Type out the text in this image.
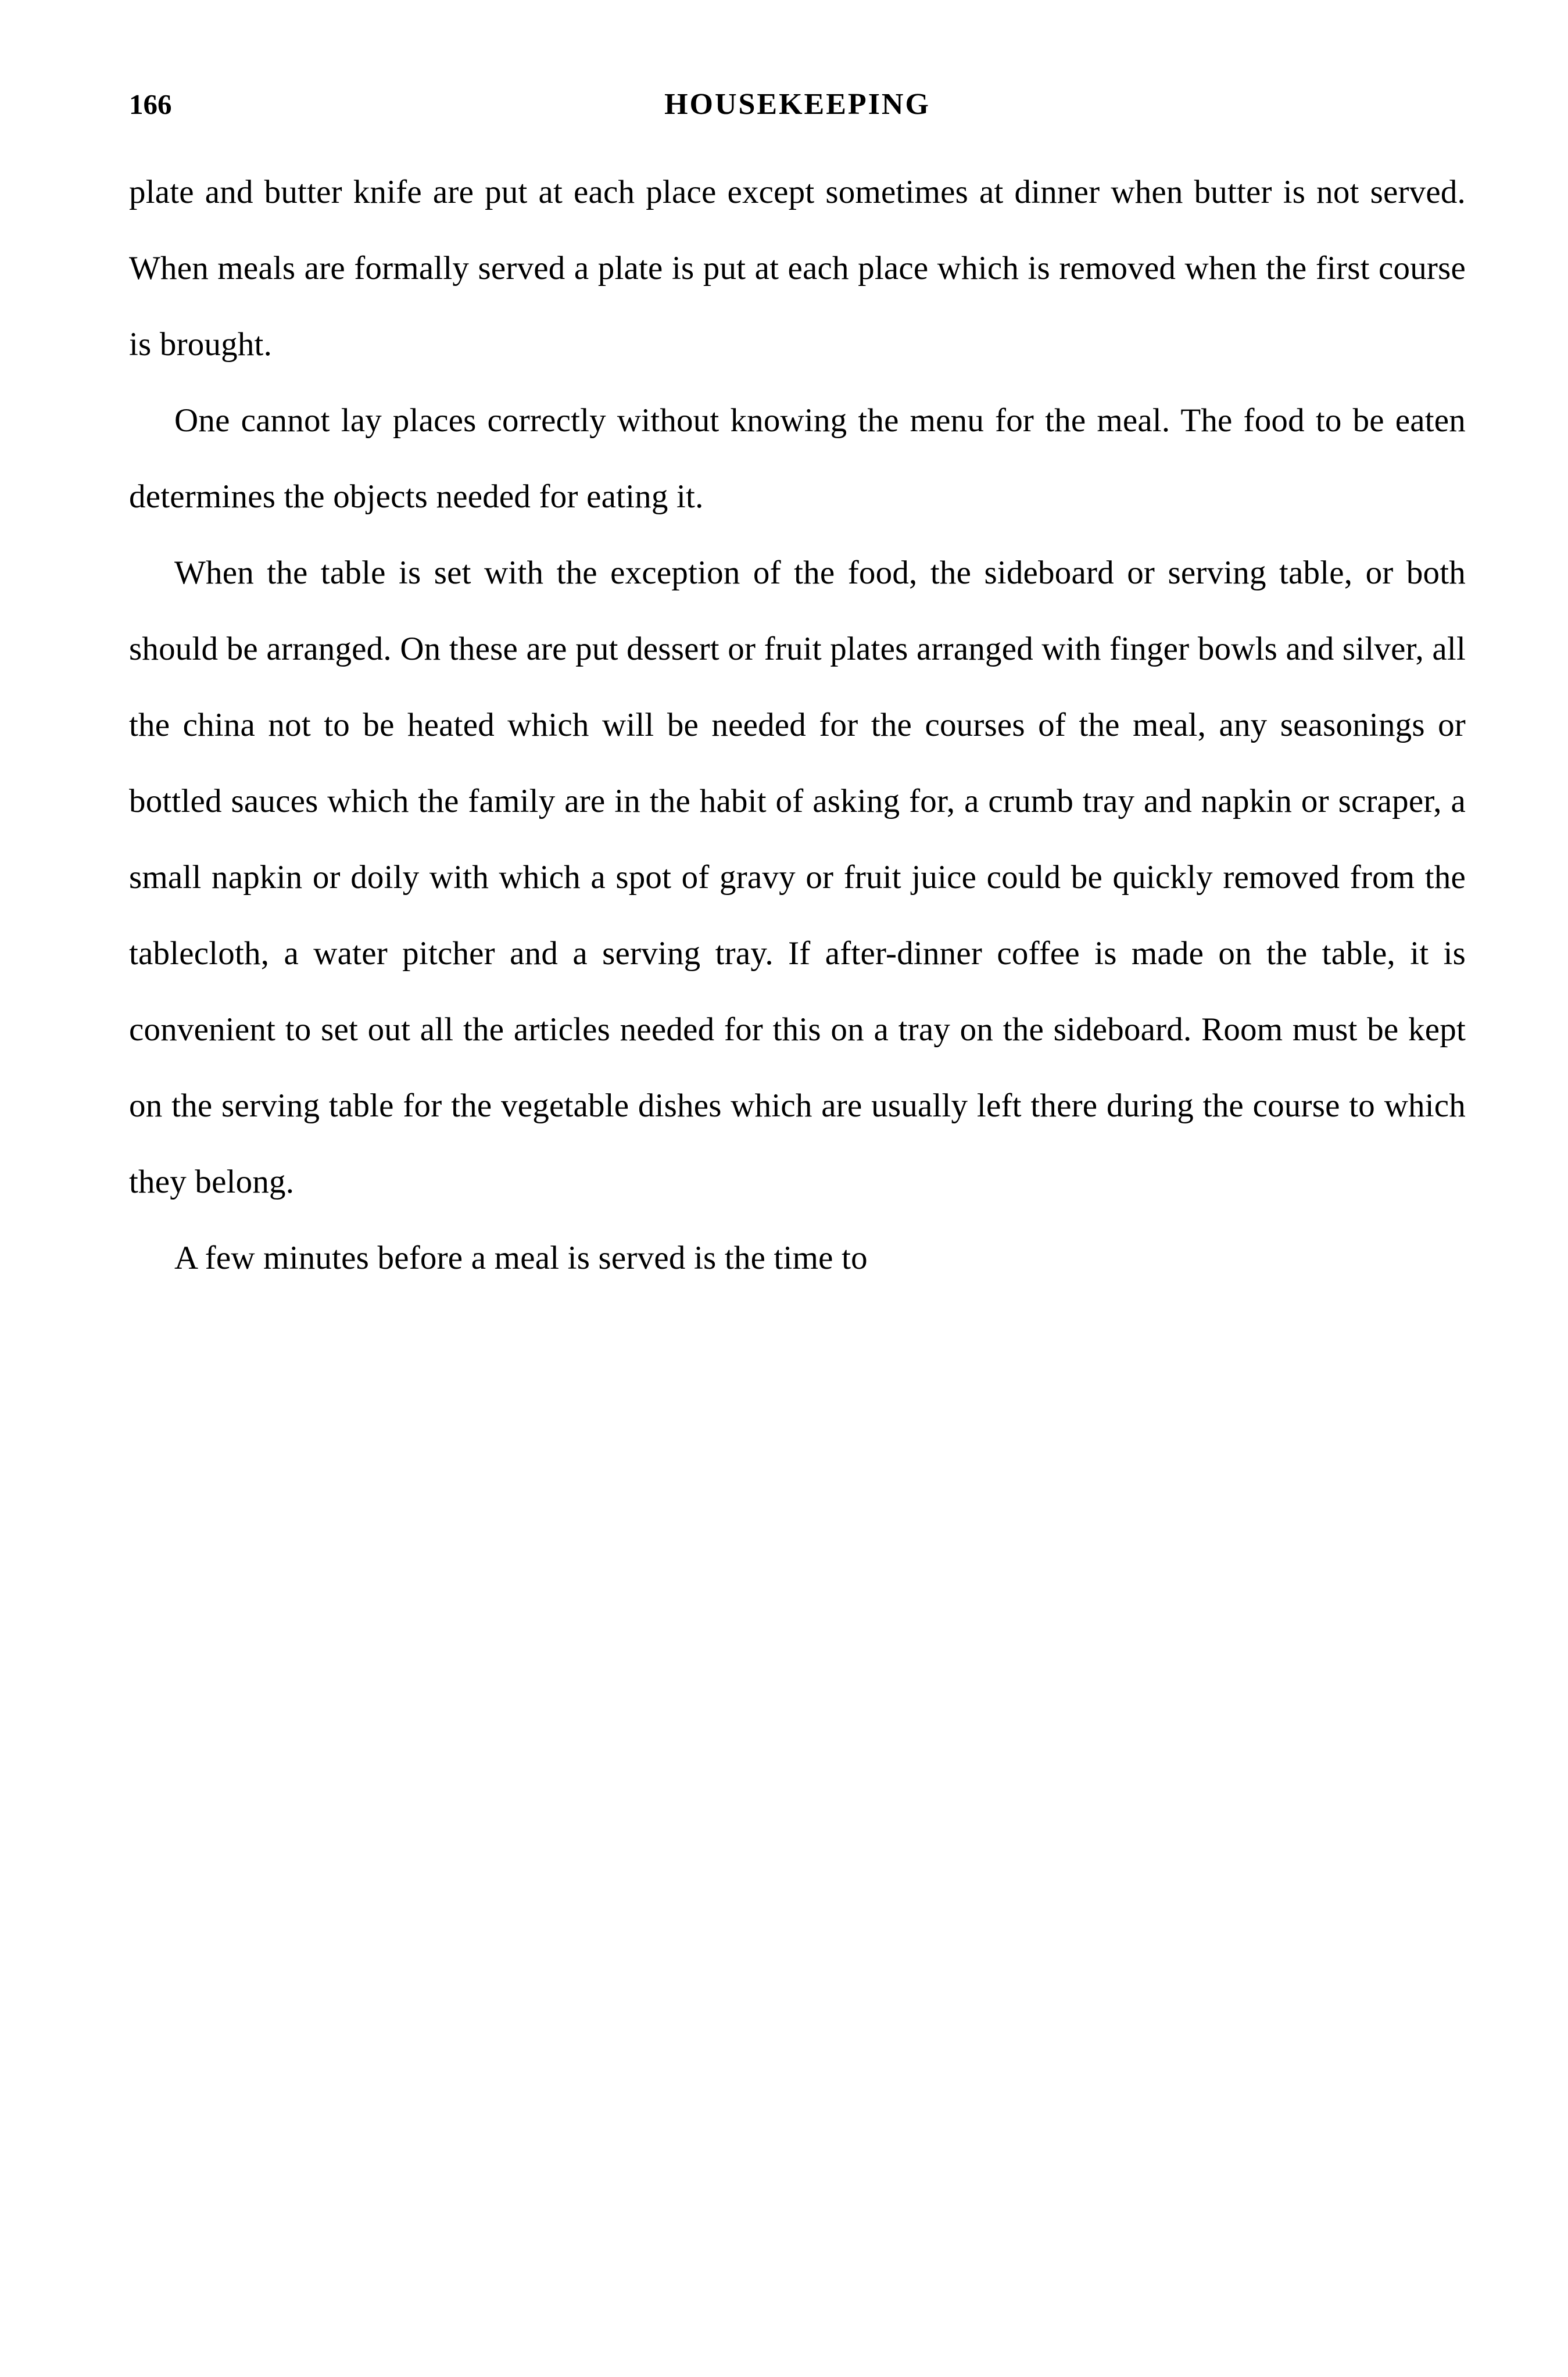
166	HOUSEKEEPING

plate and butter knife are put at each place except sometimes at dinner when butter is not served. When meals are formally served a plate is put at each place which is removed when the first course is brought.

One cannot lay places correctly without knowing the menu for the meal. The food to be eaten determines the objects needed for eating it.

When the table is set with the exception of the food, the sideboard or serving table, or both should be arranged. On these are put dessert or fruit plates arranged with finger bowls and silver, all the china not to be heated which will be needed for the courses of the meal, any seasonings or bottled sauces which the family are in the habit of asking for, a crumb tray and napkin or scraper, a small napkin or doily with which a spot of gravy or fruit juice could be quickly removed from the tablecloth, a water pitcher and a serving tray. If after-dinner coffee is made on the table, it is convenient to set out all the articles needed for this on a tray on the sideboard. Room must be kept on the serving table for the vegetable dishes which are usually left there during the course to which they belong.

A few minutes before a meal is served is the time to
